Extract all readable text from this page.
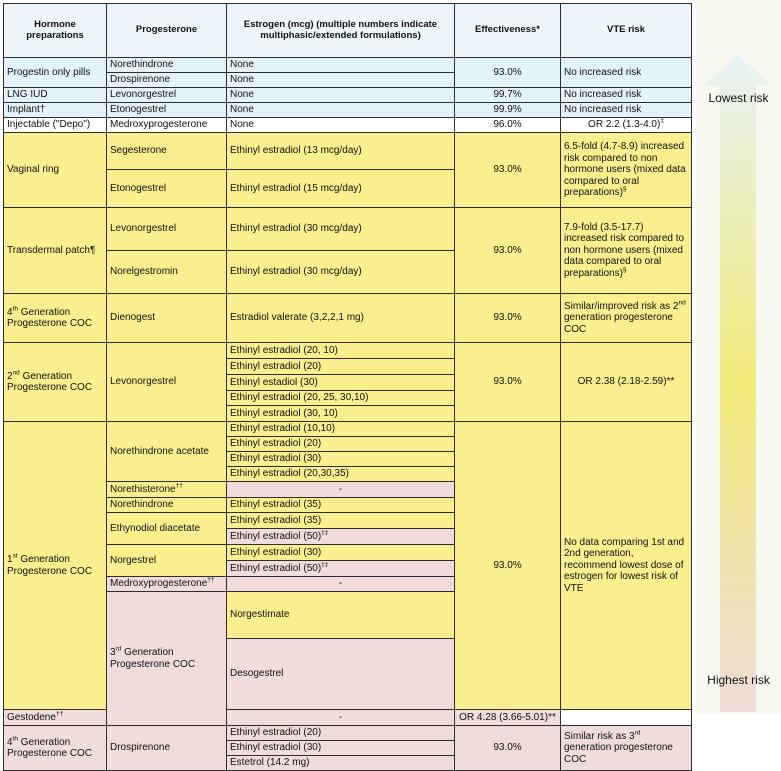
Hormone preparations	Progesterone	Estrogen (mcg) (multiple numbers indicate multiphasic/extended formulations)	Effectiveness*	VTE risk	
Progestin only pills	Norethindrone	None	93.0%	No increased risk	
	Drospirenone	None			
LNG IUD	Levonorgestrel	None	99.7%	No increased risk	
Implant†	Etonogestrel	None	99.9%	No increased risk	
Injectable ("Depo")	Medroxyprogesterone	None	96.0%	OR 2.2 (1.3-4.0)‡
Vaginal ring	Segesterone	Ethinyl estradiol (13 mcg/day)	93.0%	6.5-fold (4.7-8.9) increased risk compared to non hormone users (mixed data compared to oral preparations)§
	Etonogestrel	Ethinyl estradiol (15 mcg/day)			
Transdermal patch¶	Levonorgestrel	Ethinyl estradiol (30 mcg/day)	93.0%	7.9-fold (3.5-17.7) increased risk compared to non hormone users (mixed data compared to oral preparations)§
	Norelgestromin	Ethinyl estradiol (30 mcg/day)			
4th Generation Progesterone COC	Dienogest	Estradiol valerate (3,2,2,1 mg)	93.0%	Similar/improved risk as 2nd generation progesterone COC	
2nd Generation Progesterone COC	Levonorgestrel	Ethinyl estradiol (20, 10)	93.0%	OR 2.38 (2.18-2.59)**	
		Ethinyl estradiol (20)			
		Ethinyl estadiol (30)			
		Ethinyl estradiol (20, 25, 30,10)			
		Ethinyl estradiol (30, 10)			
1st Generation Progesterone COC	Norethindrone acetate	Ethinyl estradiol (10,10)	93.0%	No data comparing 1st and 2nd generation, recommend lowest dose of estrogen for lowest risk of VTE	
		Ethinyl estradiol (20)			
		Ethinyl estradiol (30)			
		Ethinyl estradiol (20,30,35)			
	Norethisterone††	-			
	Norethindrone	Ethinyl estradiol (35)			
	Ethynodiol diacetate	Ethinyl estradiol (35)			
		Ethinyl estradiol (50)‡‡
	Norgestrel	Ethinyl estradiol (30)			
		Ethinyl estradiol (50)‡‡
	Medroxyprogesterone††	-			
	3rd Generation Progesterone COC	Norgestimate			
		Desogestrel			

Gestodene††		-	OR 4.28 (3.66-5.01)**		
4th Generation Progesterone COC	Drospirenone	Ethinyl estradiol (20)	93.0%	Similar risk as 3rd generation progesterone COC	
		Ethinyl estradiol (30)			
		Estetrol (14.2 mg)			
Lowest risk
Highest risk
